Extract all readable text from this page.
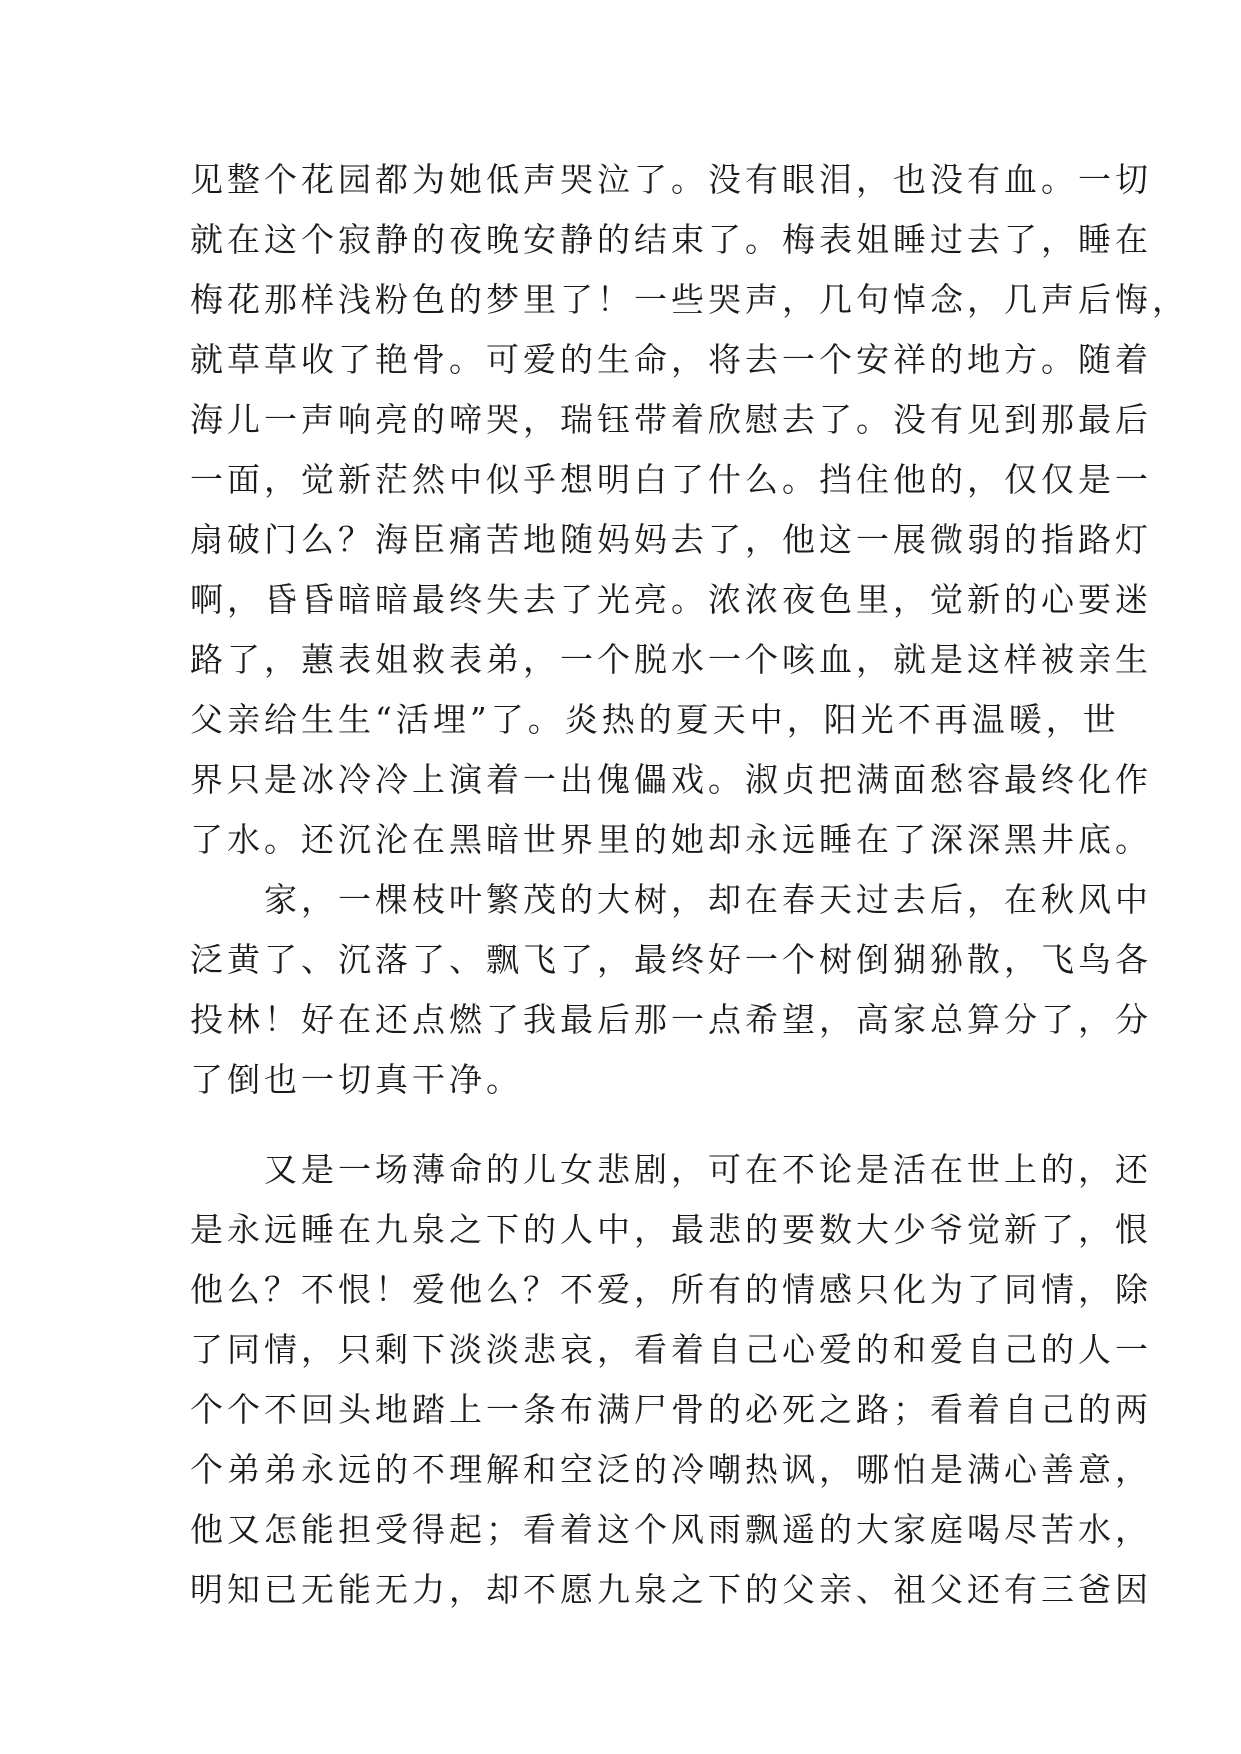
见整个花园都为她低声哭泣了。没有眼泪，也没有血。一切
就在这个寂静的夜晚安静的结束了。梅表姐睡过去了，睡在
梅花那样浅粉色的梦里了！一些哭声，几句悼念，几声后悔，
就草草收了艳骨。可爱的生命，将去一个安祥的地方。随着
海儿一声响亮的啼哭，瑞钰带着欣慰去了。没有见到那最后
一面，觉新茫然中似乎想明白了什么。挡住他的，仅仅是一
扇破门么？海臣痛苦地随妈妈去了，他这一展微弱的指路灯
啊，昏昏暗暗最终失去了光亮。浓浓夜色里，觉新的心要迷
路了，蕙表姐救表弟，一个脱水一个咳血，就是这样被亲生
父亲给生生“活埋”了。炎热的夏天中，阳光不再温暖，世
界只是冰冷冷上演着一出傀儡戏。淑贞把满面愁容最终化作
了水。还沉沦在黑暗世界里的她却永远睡在了深深黑井底。
　　家，一棵枝叶繁茂的大树，却在春天过去后，在秋风中
泛黄了、沉落了、飘飞了，最终好一个树倒猢狲散，飞鸟各
投林！好在还点燃了我最后那一点希望，高家总算分了，分
了倒也一切真干净。
　　又是一场薄命的儿女悲剧，可在不论是活在世上的，还
是永远睡在九泉之下的人中，最悲的要数大少爷觉新了，恨
他么？不恨！爱他么？不爱，所有的情感只化为了同情，除
了同情，只剩下淡淡悲哀，看着自己心爱的和爱自己的人一
个个不回头地踏上一条布满尸骨的必死之路；看着自己的两
个弟弟永远的不理解和空泛的冷嘲热讽，哪怕是满心善意，
他又怎能担受得起；看着这个风雨飘遥的大家庭喝尽苦水，
明知已无能无力，却不愿九泉之下的父亲、祖父还有三爸因
